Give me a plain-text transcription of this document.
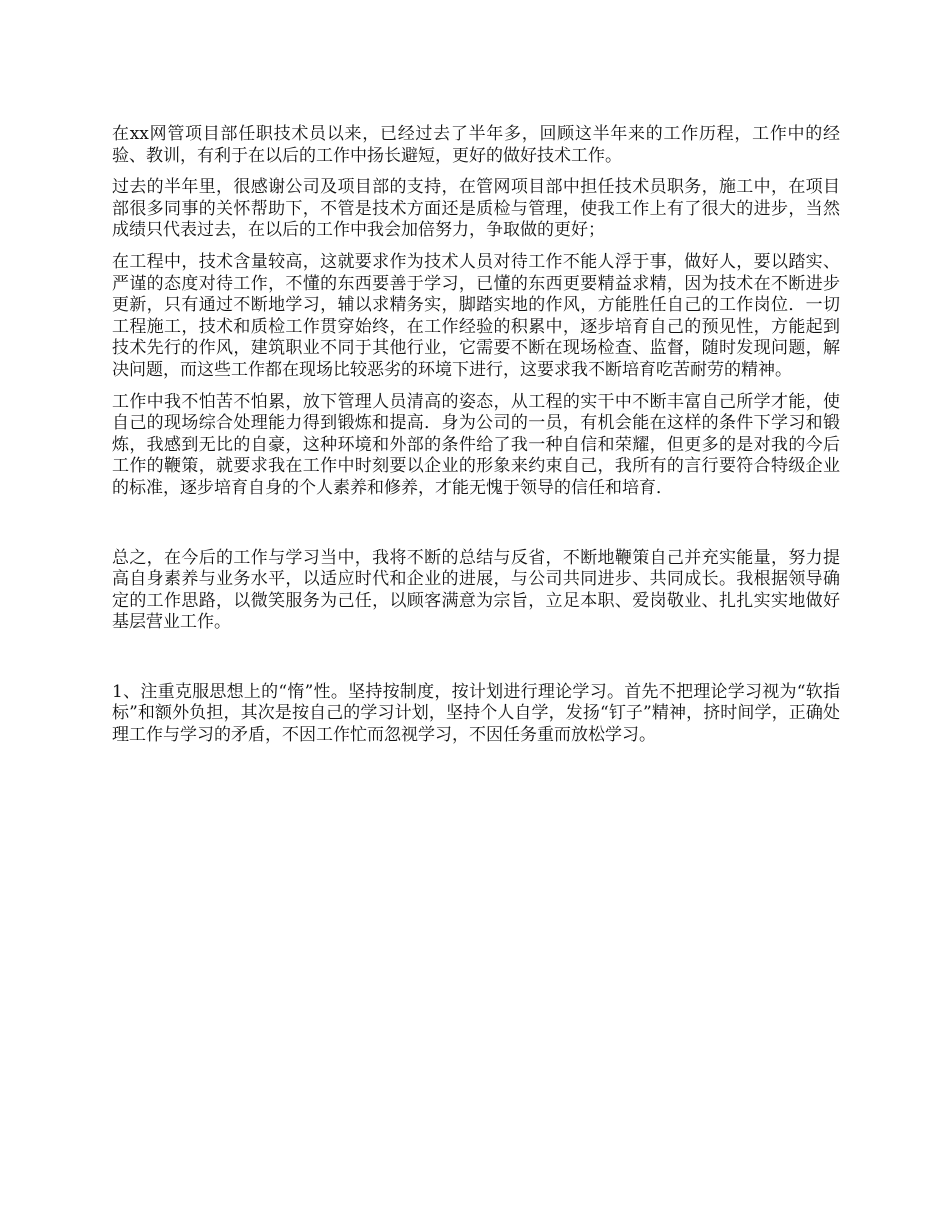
在xx网管项目部任职技术员以来，已经过去了半年多，回顾这半年来的工作历程，工作中的经验、教训，有利于在以后的工作中扬长避短，更好的做好技术工作。

过去的半年里，很感谢公司及项目部的支持，在管网项目部中担任技术员职务，施工中，在项目部很多同事的关怀帮助下，不管是技术方面还是质检与管理，使我工作上有了很大的进步，当然成绩只代表过去，在以后的工作中我会加倍努力，争取做的更好；

在工程中，技术含量较高，这就要求作为技术人员对待工作不能人浮于事，做好人，要以踏实、严谨的态度对待工作，不懂的东西要善于学习，已懂的东西更要精益求精，因为技术在不断进步更新，只有通过不断地学习，辅以求精务实，脚踏实地的作风，方能胜任自己的工作岗位．一切工程施工，技术和质检工作贯穿始终，在工作经验的积累中，逐步培育自己的预见性，方能起到技术先行的作风，建筑职业不同于其他行业，它需要不断在现场检查、监督，随时发现问题，解决问题，而这些工作都在现场比较恶劣的环境下进行，这要求我不断培育吃苦耐劳的精神。

工作中我不怕苦不怕累，放下管理人员清高的姿态，从工程的实干中不断丰富自己所学才能，使自己的现场综合处理能力得到锻炼和提高．身为公司的一员，有机会能在这样的条件下学习和锻炼，我感到无比的自豪，这种环境和外部的条件给了我一种自信和荣耀，但更多的是对我的今后工作的鞭策，就要求我在工作中时刻要以企业的形象来约束自己，我所有的言行要符合特级企业的标准，逐步培育自身的个人素养和修养，才能无愧于领导的信任和培育．

总之，在今后的工作与学习当中，我将不断的总结与反省，不断地鞭策自己并充实能量，努力提高自身素养与业务水平，以适应时代和企业的进展，与公司共同进步、共同成长。我根据领导确定的工作思路，以微笑服务为己任，以顾客满意为宗旨，立足本职、爱岗敬业、扎扎实实地做好基层营业工作。

1、注重克服思想上的“惰”性。坚持按制度，按计划进行理论学习。首先不把理论学习视为“软指标”和额外负担，其次是按自己的学习计划，坚持个人自学，发扬“钉子”精神，挤时间学，正确处理工作与学习的矛盾，不因工作忙而忽视学习，不因任务重而放松学习。
